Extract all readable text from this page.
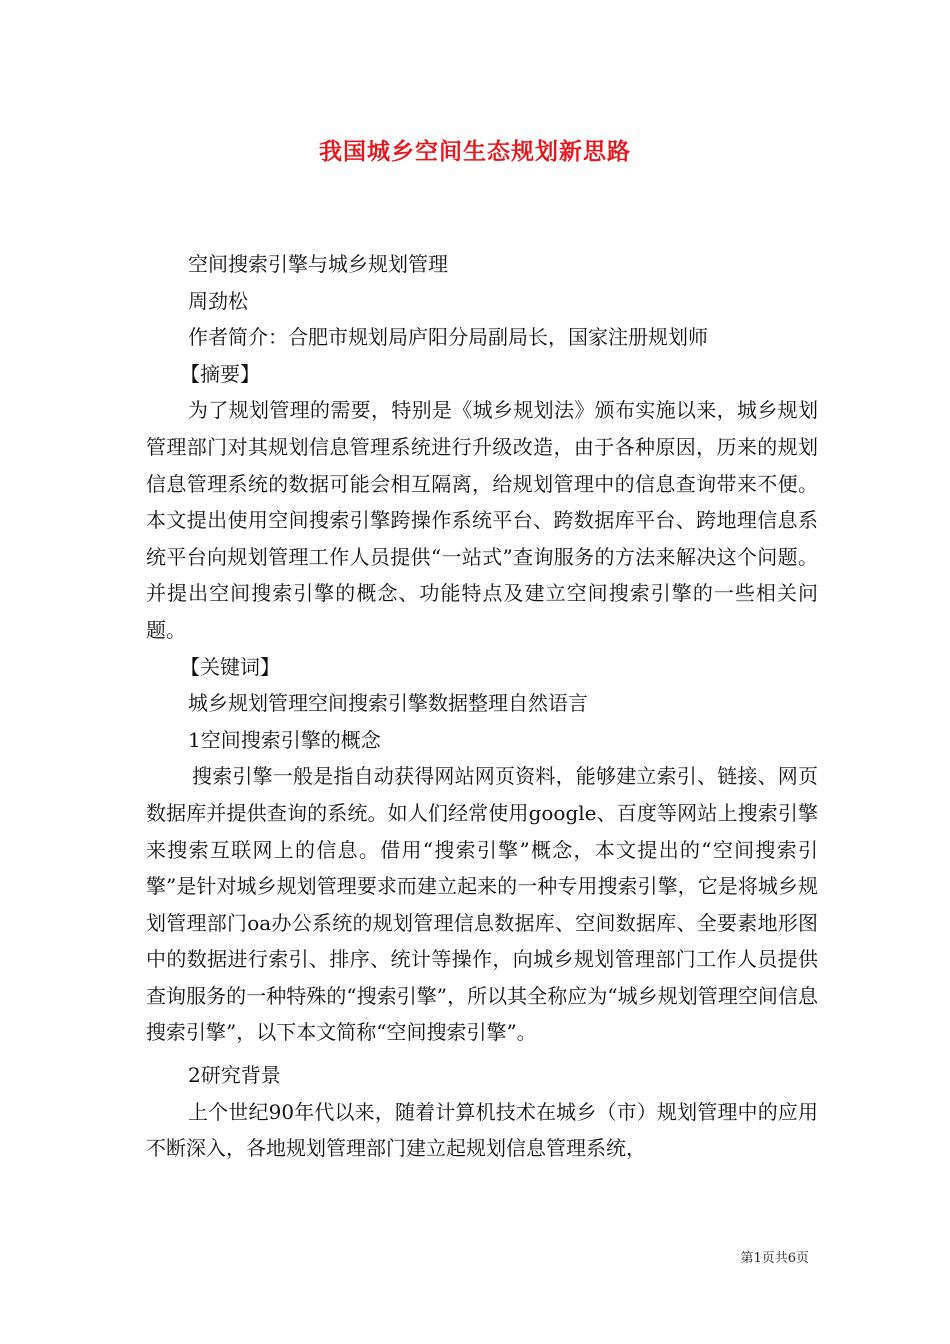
我国城乡空间生态规划新思路

空间搜索引擎与城乡规划管理

周劲松

作者简介：合肥市规划局庐阳分局副局长，国家注册规划师

【摘要】

为了规划管理的需要，特别是《城乡规划法》颁布实施以来，城乡规划管理部门对其规划信息管理系统进行升级改造，由于各种原因，历来的规划信息管理系统的数据可能会相互隔离，给规划管理中的信息查询带来不便。本文提出使用空间搜索引擎跨操作系统平台、跨数据库平台、跨地理信息系统平台向规划管理工作人员提供“一站式”查询服务的方法来解决这个问题。并提出空间搜索引擎的概念、功能特点及建立空间搜索引擎的一些相关问题。

【关键词】

城乡规划管理空间搜索引擎数据整理自然语言

1空间搜索引擎的概念

搜索引擎一般是指自动获得网站网页资料，能够建立索引、链接、网页数据库并提供查询的系统。如人们经常使用google、百度等网站上搜索引擎来搜索互联网上的信息。借用“搜索引擎”概念，本文提出的“空间搜索引擎”是针对城乡规划管理要求而建立起来的一种专用搜索引擎，它是将城乡规划管理部门oa办公系统的规划管理信息数据库、空间数据库、全要素地形图中的数据进行索引、排序、统计等操作，向城乡规划管理部门工作人员提供查询服务的一种特殊的“搜索引擎”，所以其全称应为“城乡规划管理空间信息搜索引擎”，以下本文简称“空间搜索引擎”。

2研究背景

上个世纪90年代以来，随着计算机技术在城乡（市）规划管理中的应用不断深入，各地规划管理部门建立起规划信息管理系统，

第1页共6页
